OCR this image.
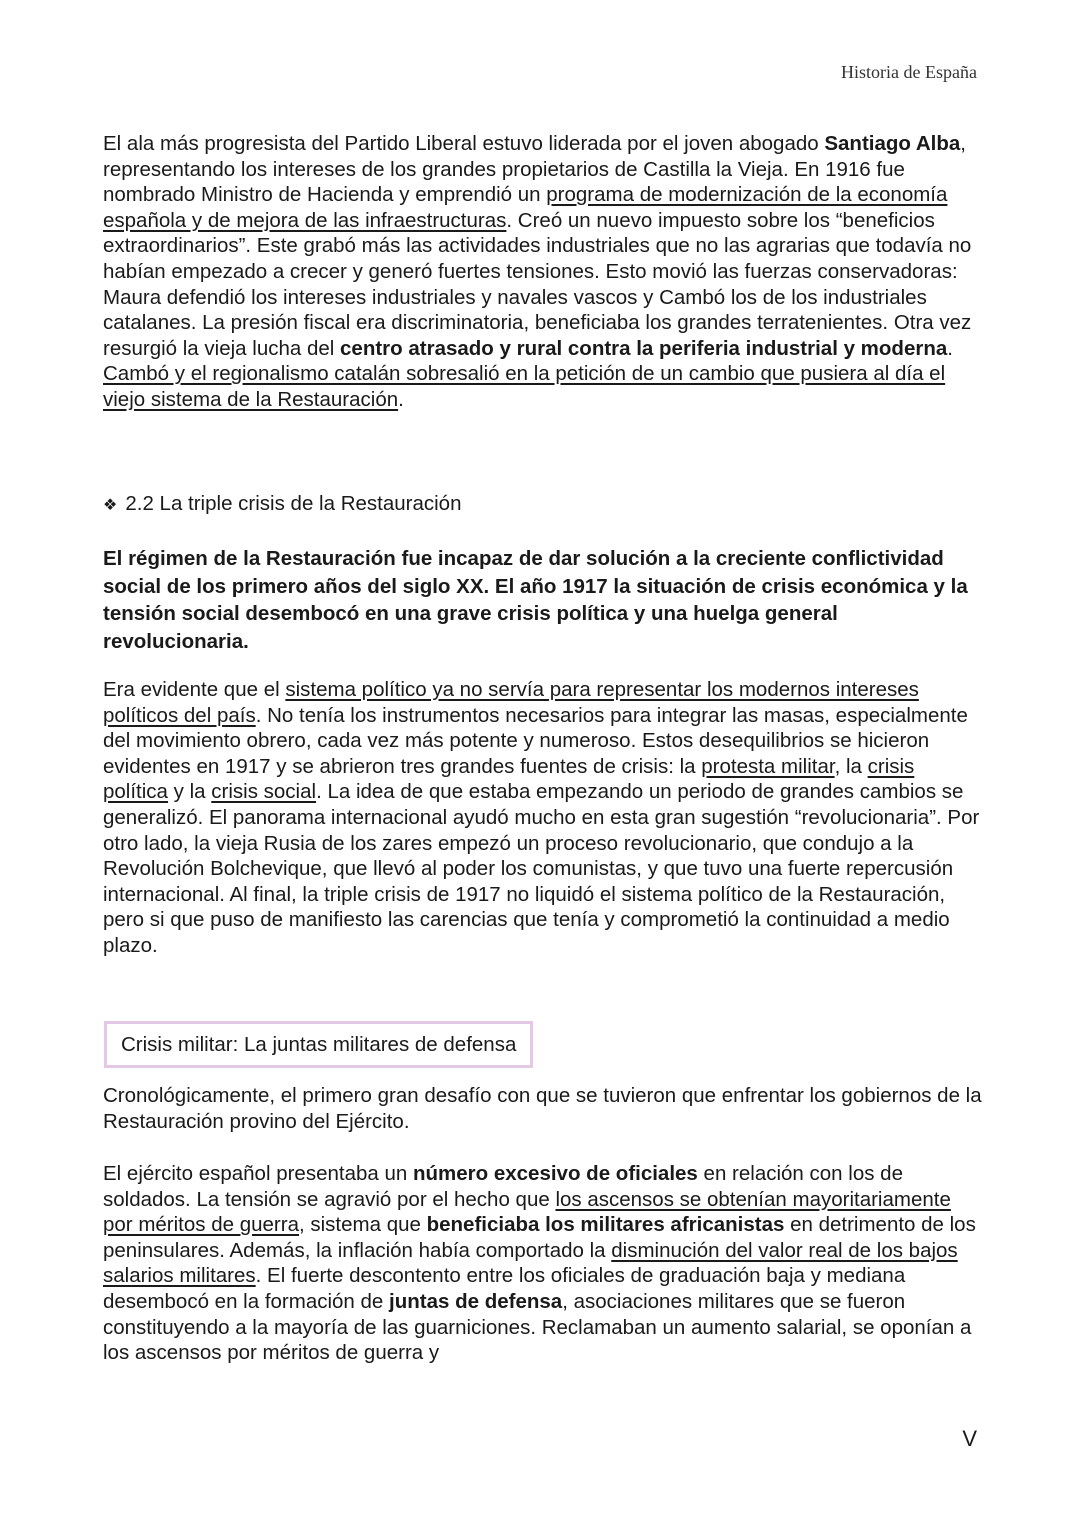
Historia de España

El ala más progresista del Partido Liberal estuvo liderada por el joven abogado Santiago Alba, representando los intereses de los grandes propietarios de Castilla la Vieja. En 1916 fue nombrado Ministro de Hacienda y emprendió un programa de modernización de la economía española y de mejora de las infraestructuras. Creó un nuevo impuesto sobre los “beneficios extraordinarios”. Este grabó más las actividades industriales que no las agrarias que todavía no habían empezado a crecer y generó fuertes tensiones. Esto movió las fuerzas conservadoras: Maura defendió los intereses industriales y navales vascos y Cambó los de los industriales catalanes. La presión fiscal era discriminatoria, beneficiaba los grandes terratenientes. Otra vez resurgió la vieja lucha del centro atrasado y rural contra la periferia industrial y moderna. Cambó y el regionalismo catalán sobresalió en la petición de un cambio que pusiera al día el viejo sistema de la Restauración.

❖ 2.2 La triple crisis de la Restauración

El régimen de la Restauración fue incapaz de dar solución a la creciente conflictividad social de los primero años del siglo XX. El año 1917 la situación de crisis económica y la tensión social desembocó en una grave crisis política y una huelga general revolucionaria.

Era evidente que el sistema político ya no servía para representar los modernos intereses políticos del país. No tenía los instrumentos necesarios para integrar las masas, especialmente del movimiento obrero, cada vez más potente y numeroso. Estos desequilibrios se hicieron evidentes en 1917 y se abrieron tres grandes fuentes de crisis: la protesta militar, la crisis política y la crisis social. La idea de que estaba empezando un periodo de grandes cambios se generalizó. El panorama internacional ayudó mucho en esta gran sugestión “revolucionaria”. Por otro lado, la vieja Rusia de los zares empezó un proceso revolucionario, que condujo a la Revolución Bolchevique, que llevó al poder los comunistas, y que tuvo una fuerte repercusión internacional. Al final, la triple crisis de 1917 no liquidó el sistema político de la Restauración, pero si que puso de manifiesto las carencias que tenía y comprometió la continuidad a medio plazo.

Crisis militar: La juntas militares de defensa

Cronológicamente, el primero gran desafío con que se tuvieron que enfrentar los gobiernos de la Restauración provino del Ejército.

El ejército español presentaba un número excesivo de oficiales en relación con los de soldados. La tensión se agravió por el hecho que los ascensos se obtenían mayoritariamente por méritos de guerra, sistema que beneficiaba los militares africanistas en detrimento de los peninsulares. Además, la inflación había comportado la disminución del valor real de los bajos salarios militares. El fuerte descontento entre los oficiales de graduación baja y mediana desembocó en la formación de juntas de defensa, asociaciones militares que se fueron constituyendo a la mayoría de las guarniciones. Reclamaban un aumento salarial, se oponían a los ascensos por méritos de guerra y

V
